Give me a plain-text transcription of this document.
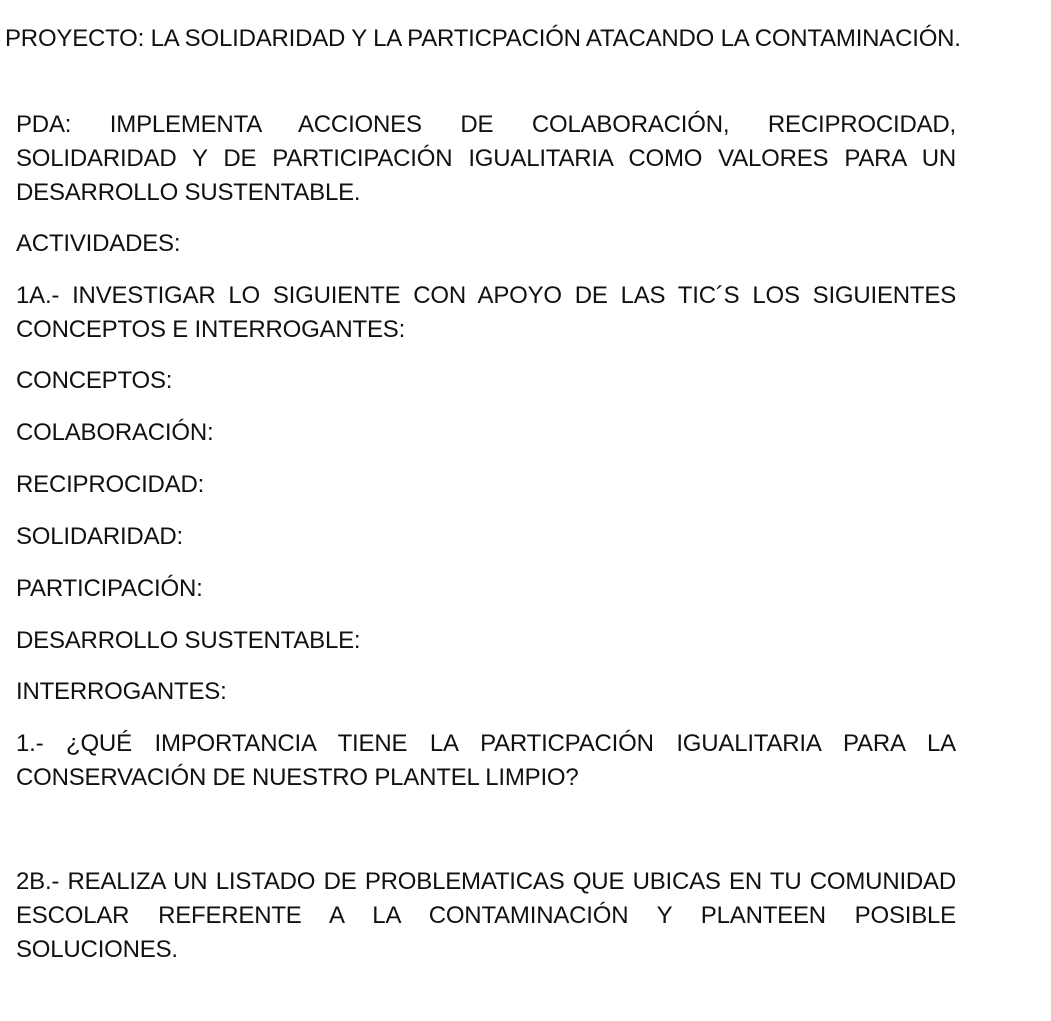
PROYECTO: LA SOLIDARIDAD Y LA PARTICPACIÓN ATACANDO LA CONTAMINACIÓN.

PDA: IMPLEMENTA ACCIONES DE COLABORACIÓN, RECIPROCIDAD, SOLIDARIDAD Y DE PARTICIPACIÓN IGUALITARIA COMO VALORES PARA UN DESARROLLO SUSTENTABLE.

ACTIVIDADES:

1A.- INVESTIGAR LO SIGUIENTE CON APOYO DE LAS TIC´S LOS SIGUIENTES CONCEPTOS E INTERROGANTES:

CONCEPTOS:

COLABORACIÓN:

RECIPROCIDAD:

SOLIDARIDAD:

PARTICIPACIÓN:

DESARROLLO SUSTENTABLE:

INTERROGANTES:

1.- ¿QUÉ IMPORTANCIA TIENE LA PARTICPACIÓN IGUALITARIA PARA LA CONSERVACIÓN DE NUESTRO PLANTEL LIMPIO?

2B.- REALIZA UN LISTADO DE PROBLEMATICAS QUE UBICAS EN TU COMUNIDAD ESCOLAR REFERENTE A LA CONTAMINACIÓN Y PLANTEEN POSIBLE SOLUCIONES.
